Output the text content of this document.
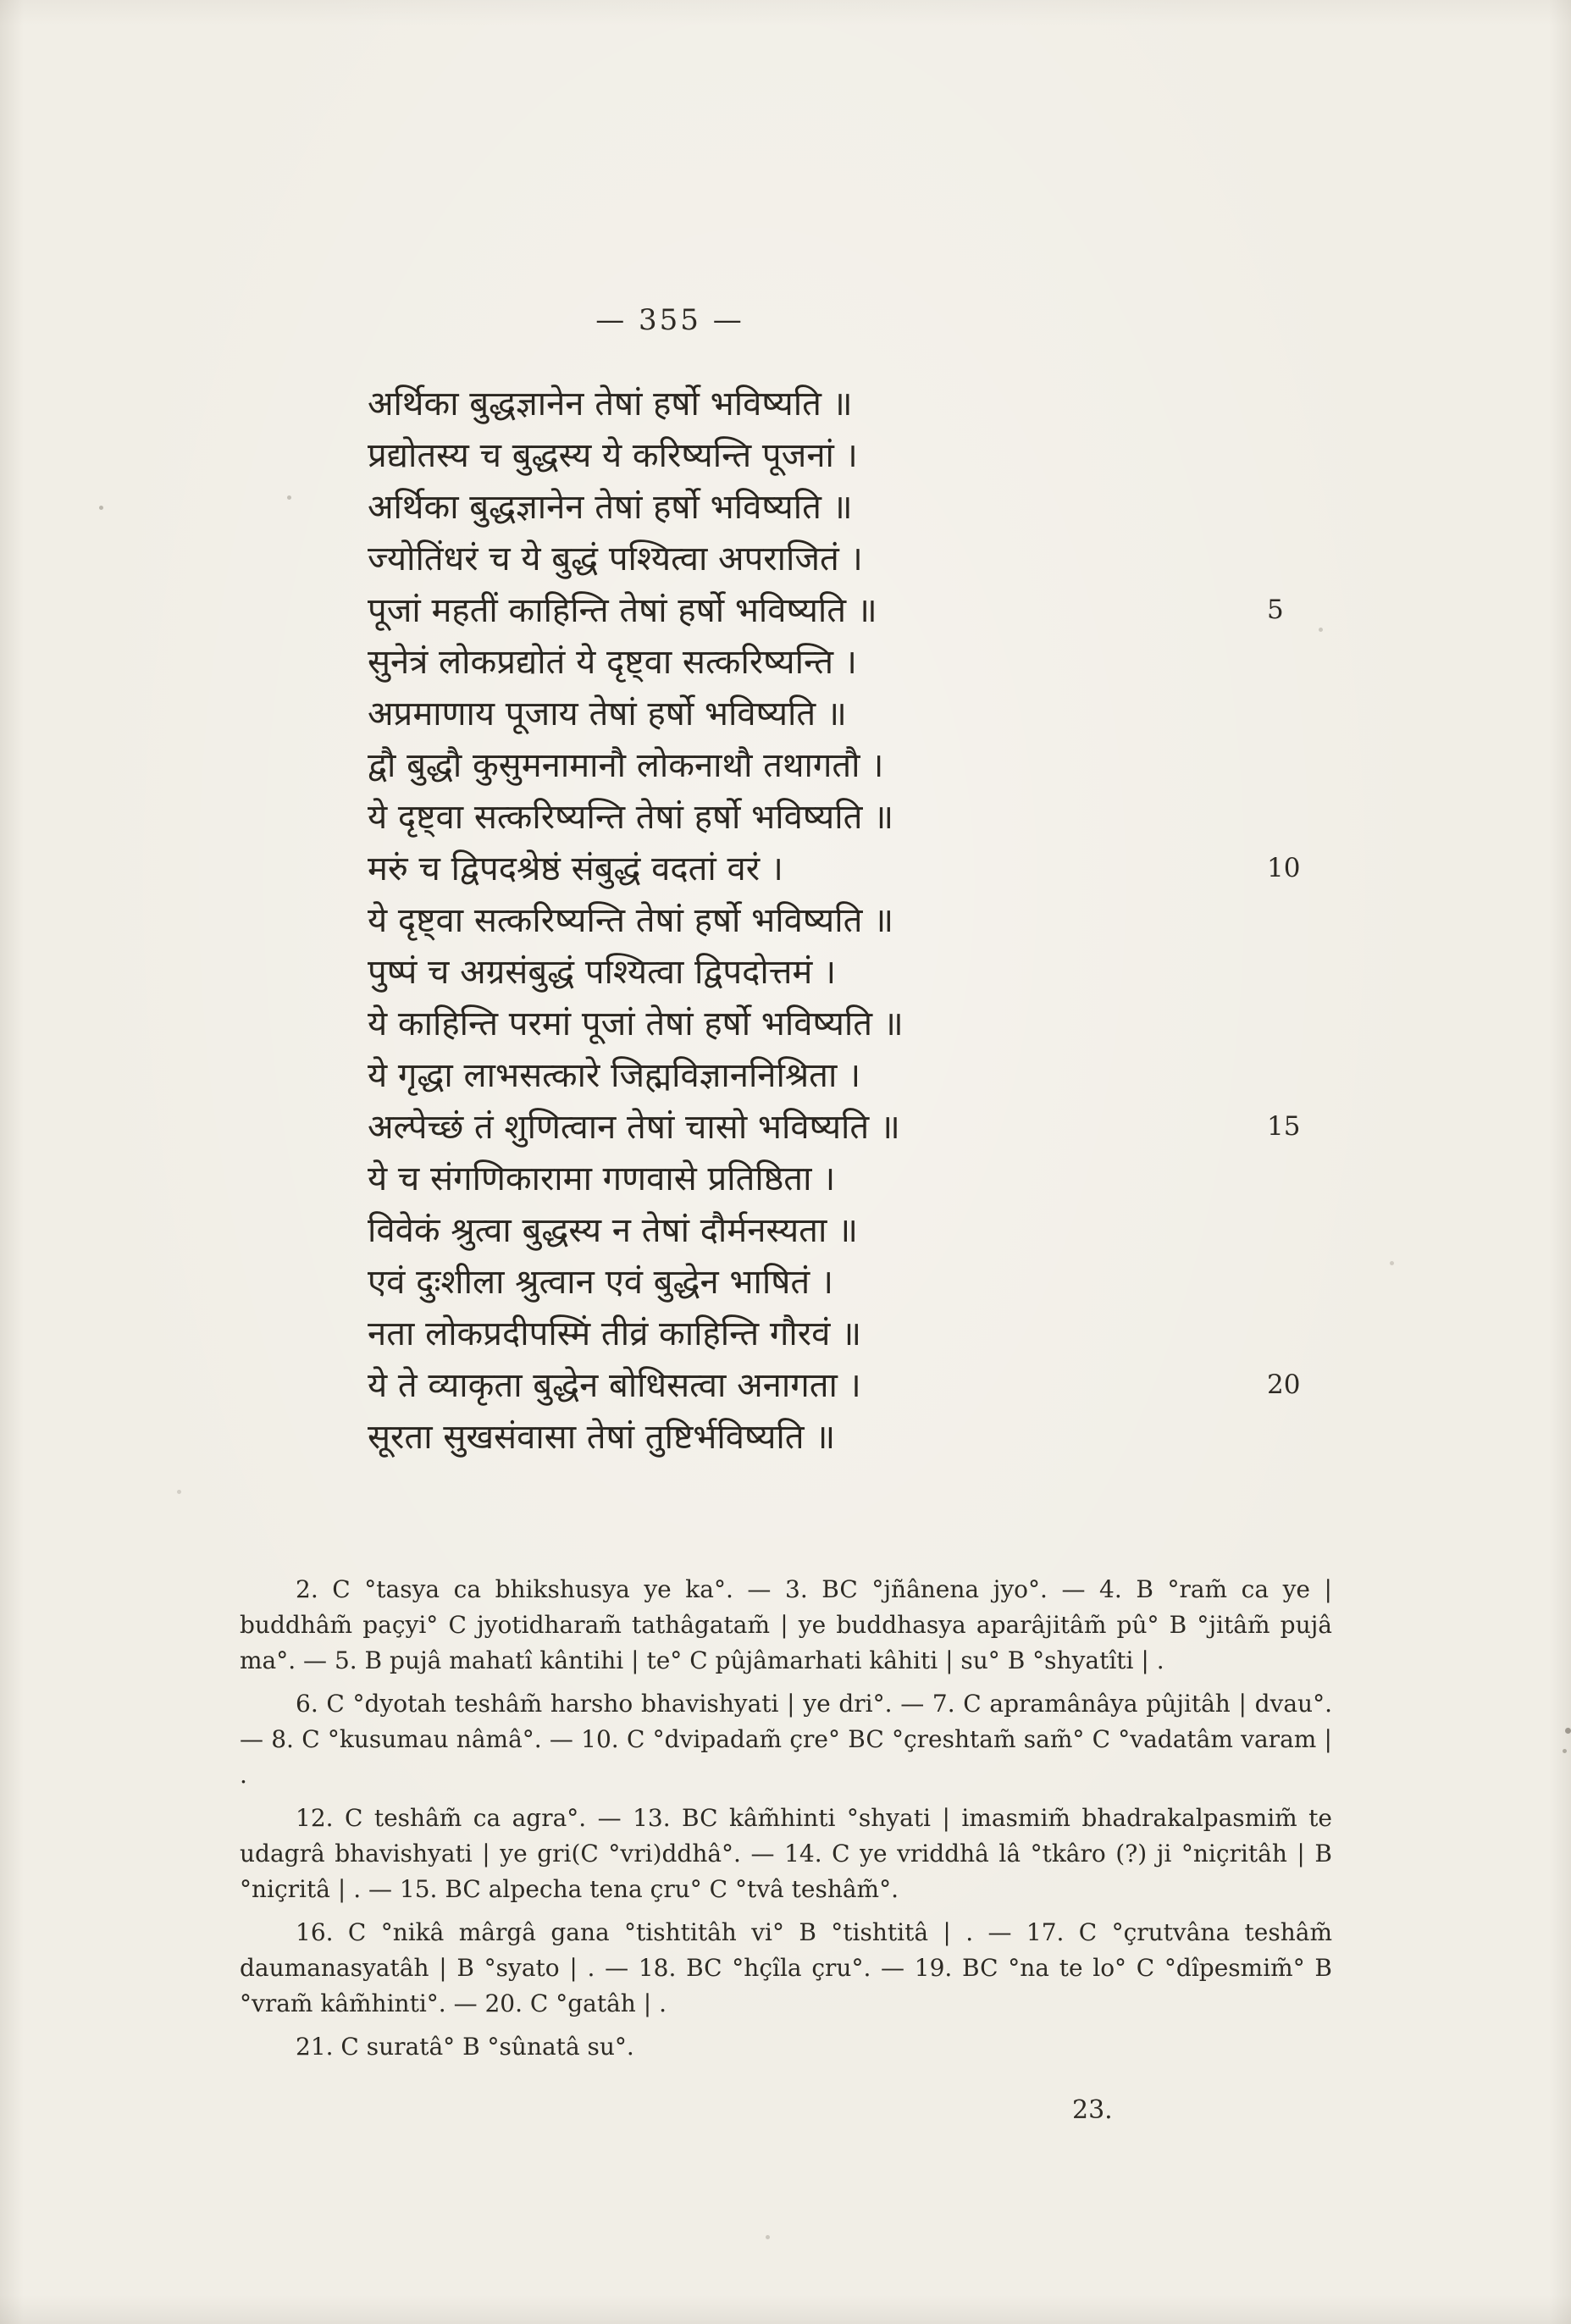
— 355 —
अर्थिका बुद्धज्ञानेन तेषां हर्षो भविष्यति ॥
प्रद्योतस्य च बुद्धस्य ये करिष्यन्ति पूजनां ।
अर्थिका बुद्धज्ञानेन तेषां हर्षो भविष्यति ॥
ज्योतिंधरं च ये बुद्धं पश्यित्वा अपराजितं ।
पूजां महतीं काहिन्ति तेषां हर्षो भविष्यति ॥	5
सुनेत्रं लोकप्रद्योतं ये दृष्ट्वा सत्करिष्यन्ति ।
अप्रमाणाय पूजाय तेषां हर्षो भविष्यति ॥
द्वौ बुद्धौ कुसुमनामानौ लोकनाथौ तथागतौ ।
ये दृष्ट्वा सत्करिष्यन्ति तेषां हर्षो भविष्यति ॥
मरुं च द्विपदश्रेष्ठं संबुद्धं वदतां वरं ।	10
ये दृष्ट्वा सत्करिष्यन्ति तेषां हर्षो भविष्यति ॥
पुष्पं च अग्रसंबुद्धं पश्यित्वा द्विपदोत्तमं ।
ये काहिन्ति परमां पूजां तेषां हर्षो भविष्यति ॥
ये गृद्धा लाभसत्कारे जिह्मविज्ञाननिश्रिता ।
अल्पेच्छं तं शुणित्वान तेषां चासो भविष्यति ॥	15
ये च संगणिकारामा गणवासे प्रतिष्ठिता ।
विवेकं श्रुत्वा बुद्धस्य न तेषां दौर्मनस्यता ॥
एवं दुःशीला श्रुत्वान एवं बुद्धेन भाषितं ।
नता लोकप्रदीपस्मिं तीव्रं काहिन्ति गौरवं ॥
ये ते व्याकृता बुद्धेन बोधिसत्वा अनागता ।	20
सूरता सुखसंवासा तेषां तुष्टिर्भविष्यति ॥

2. C °tasya ca bhikshusya ye ka°. — 3. BC °jñânena jyo°. — 4. B °ram̃ ca ye | buddhâm̃ paçyi° C jyotidharam̃ tathâgatam̃ | ye buddhasya aparâjitâm̃ pû° B °jitâm̃ pujâ ma°. — 5. B pujâ mahatî kântihi | te° C pûjâmarhati kâhiti | su° B °shyatîti | .

6. C °dyotah teshâm̃ harsho bhavishyati | ye dri°. — 7. C apramânâya pûjitâh | dvau°. — 8. C °kusumau nâmâ°. — 10. C °dvipadam̃ çre° BC °çreshtam̃ sam̃° C °vadatâm varam | .

12. C teshâm̃ ca agra°. — 13. BC kâm̃hinti °shyati | imasmim̃ bhadrakalpasmim̃ te udagrâ bhavishyati | ye gri(C °vri)ddhâ°. — 14. C ye vriddhâ lâ °tkâro (?) ji °niçritâh | B °niçritâ | . — 15. BC alpecha tena çru° C °tvâ teshâm̃°.

16. C °nikâ mârgâ gana °tishtitâh vi° B °tishtitâ | . — 17. C °çrutvâna teshâm̃ daumanasyatâh | B °syato | . — 18. BC °hçîla çru°. — 19. BC °na te lo° C °dîpesmim̃° B °vram̃ kâm̃hinti°. — 20. C °gatâh | .

21. C suratâ° B °sûnatâ su°.

23.
